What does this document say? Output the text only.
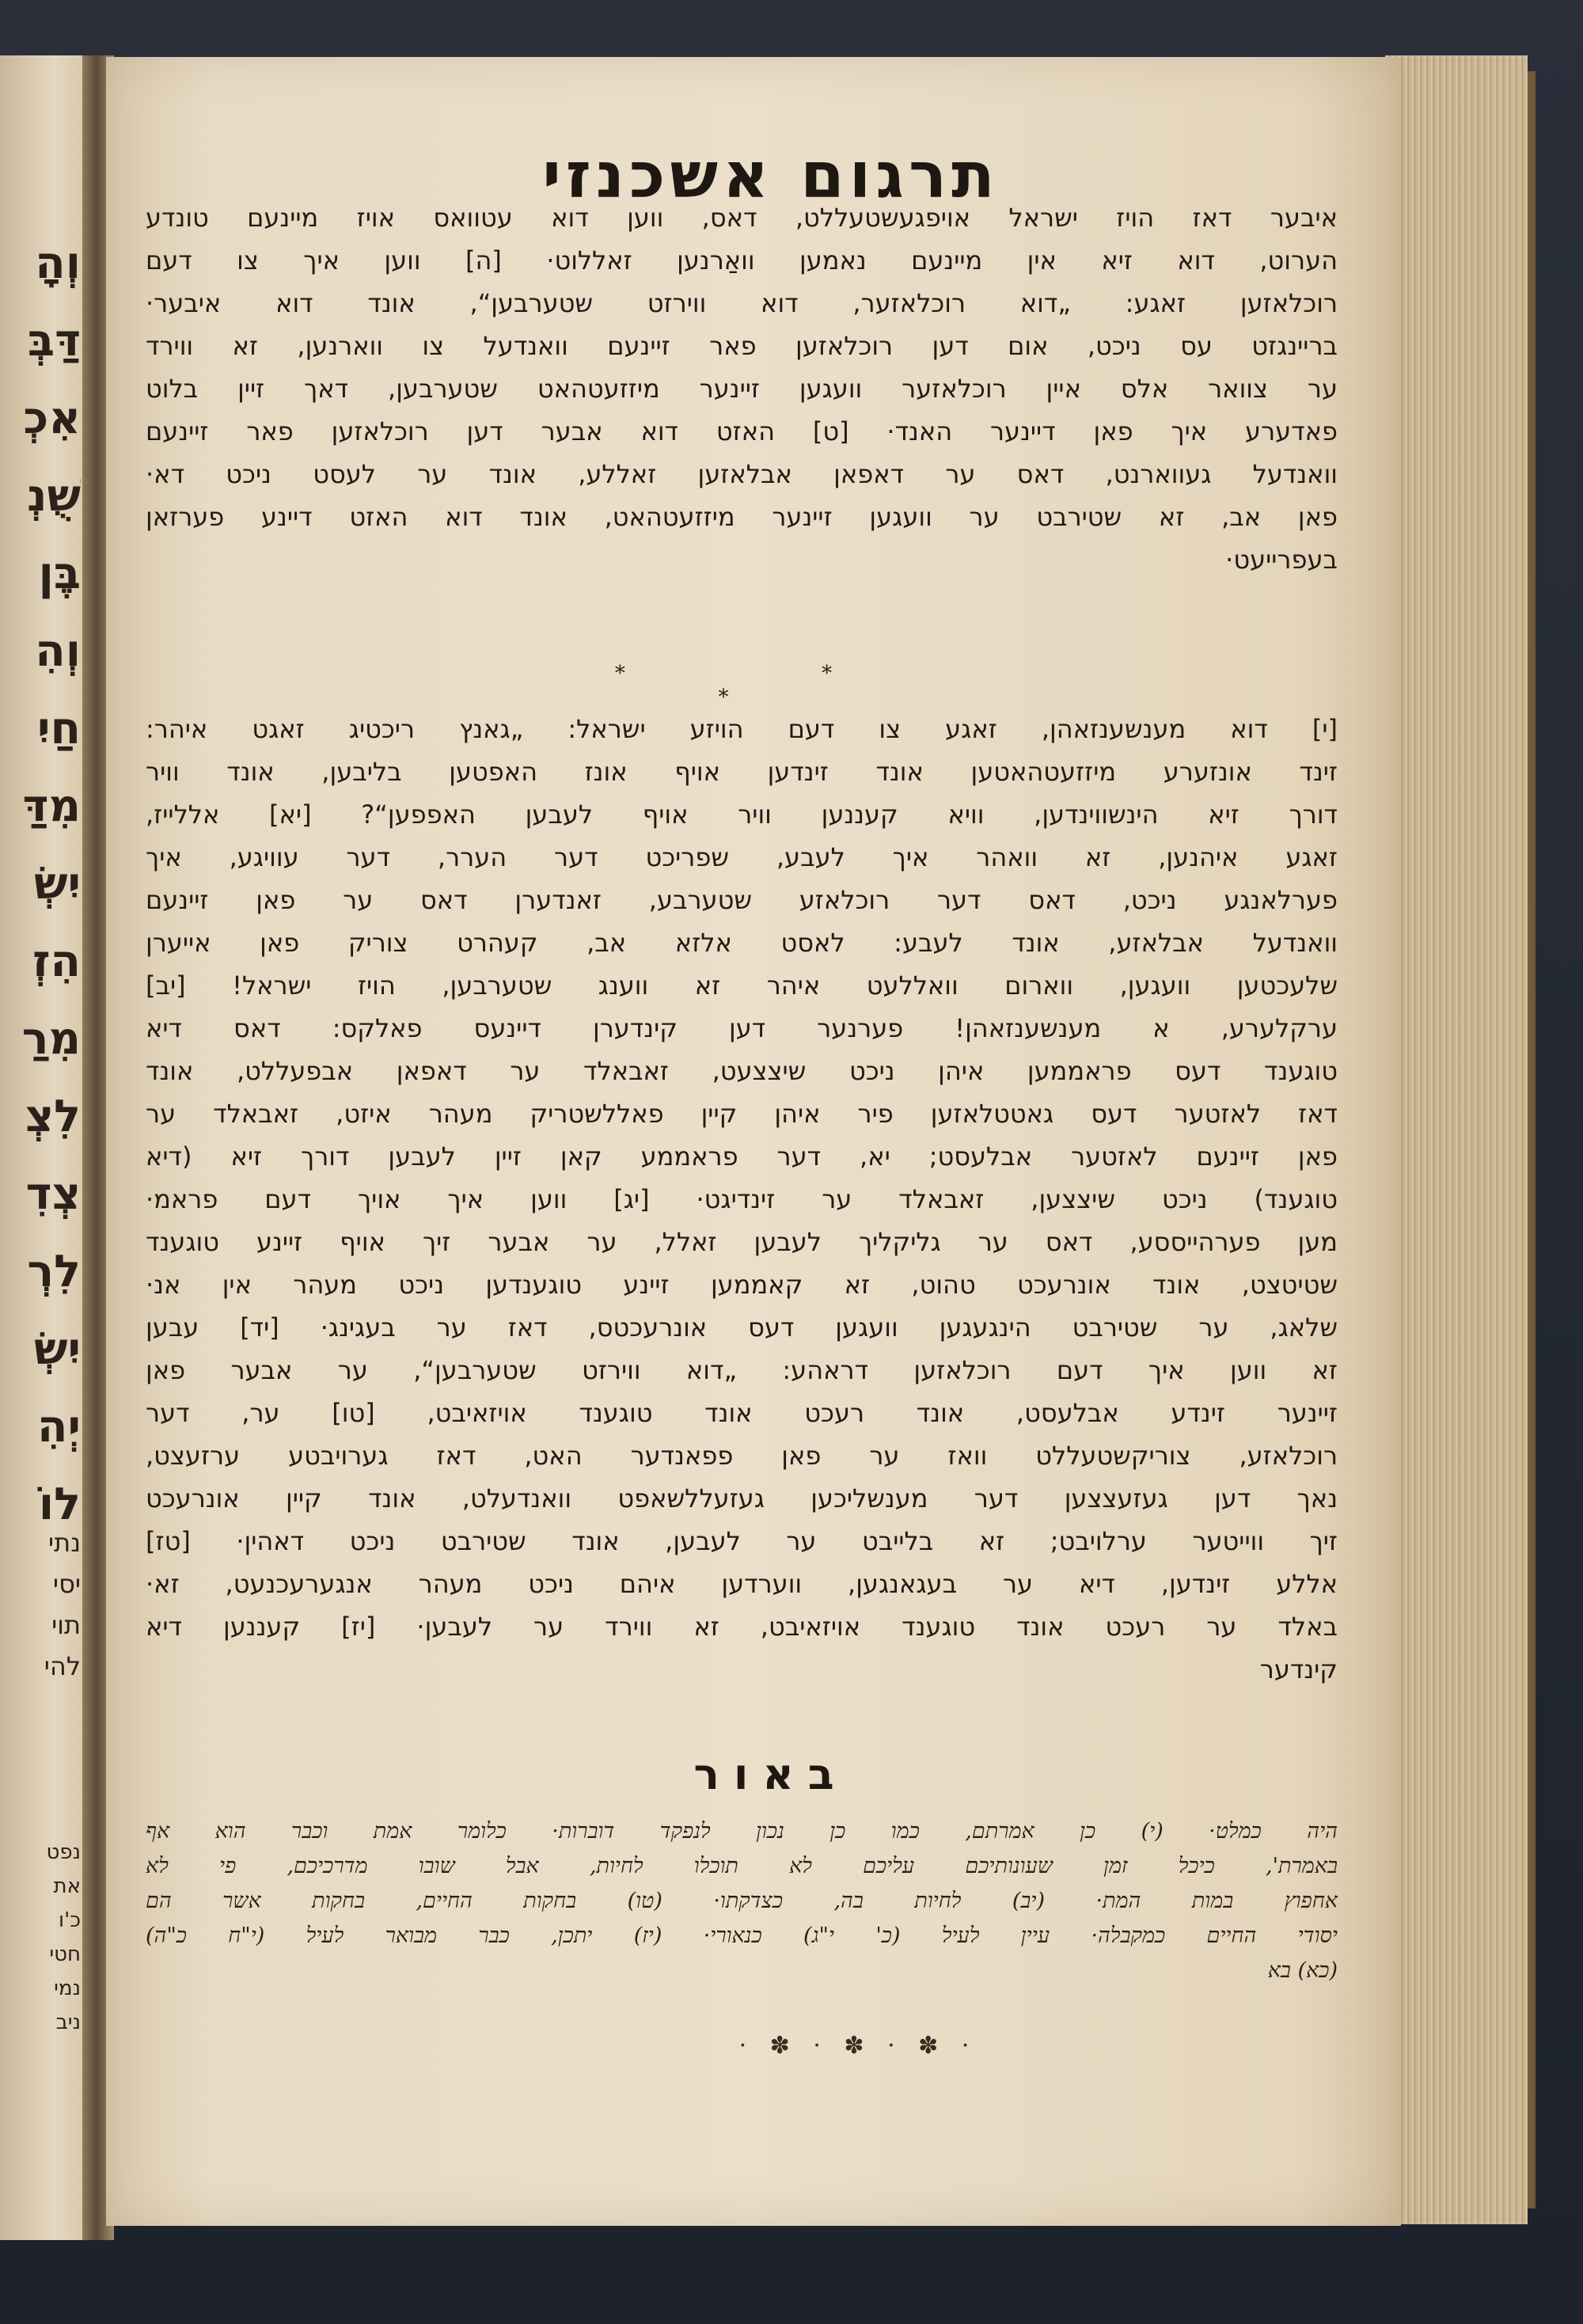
וְהָ
דַּבְּ
אִכְ
שֻׁנְ
בֶּן
וְהִ
חַיִ
מִדַּ
יִשְׂ
הִזְ
מִרַ
לִצְ
צְדִ
לִרְ
יִשְׂ
יְהִ
לוֹ
נתי
יסי
תוי
להי
נפט
את
כ'ו
חטי
נמי
ניב
תרגום אשכנזי
איבער דאז הויז ישראל אויפגעשטעללט, דאס, ווען דוא עטוואס אויז מיינעם טונדע
הערוט, דוא זיא אין מיינעם נאמען וואַרנען זאללוט· [ה] ווען איך צו דעם
רוכלאזען זאגע: „דוא רוכלאזער, דוא ווירזט שטערבען“, אונד דוא איבער·
בריינגזט עס ניכט, אום דען רוכלאזען פאר זיינעם וואנדעל צו ווארנען, זא ווירד
ער צוואר אלס איין רוכלאזער וועגען זיינער מיזזעטהאט שטערבען, דאך זיין בלוט
פאדערע איך פאן דיינער האנד· [ט] האזט דוא אבער דען רוכלאזען פאר זיינעם
וואנדעל געווארנט, דאס ער דאפאן אבלאזען זאללע, אונד ער לעסט ניכט דא·
פאן אב, זא שטירבט ער וועגען זיינער מיזזעטהאט, אונד דוא האזט דיינע פערזאן
בעפרייעט·
* * *
[י] דוא מענשענזאהן, זאגע צו דעם הויזע ישראל: „גאנץ ריכטיג זאגט איהר:
זינד אונזערע מיזזעטהאטען אונד זינדען אויף אונז האפטען בליבען, אונד וויר
דורך זיא הינשווינדען, וויא קעננען וויר אויף לעבען האפפען“? [יא] אללייז,
זאגע איהנען, זא וואהר איך לעבע, שפריכט דער הערר, דער עוויגע, איך
פערלאנגע ניכט, דאס דער רוכלאזע שטערבע, זאנדערן דאס ער פאן זיינעם
וואנדעל אבלאזע, אונד לעבע: לאסט אלזא אב, קעהרט צוריק פאן אייערן
שלעכטען וועגען, ווארום וואללעט איהר זא ווענג שטערבען, הויז ישראל! [יב]
ערקלערע, א מענשענזאהן! פערנער דען קינדערן דיינעס פאלקס: דאס דיא
טוגענד דעס פראממען איהן ניכט שיצצעט, זאבאלד ער דאפאן אבפעללט, אונד
דאז לאזטער דעס גאטטלאזען פיר איהן קיין פאללשטריק מעהר איזט, זאבאלד ער
פאן זיינעם לאזטער אבלעסט; יא, דער פראממע קאן זיין לעבען דורך זיא (דיא
טוגענד) ניכט שיצצען, זאבאלד ער זינדיגט· [יג] ווען איך אויך דעם פראמ·
מען פערהייססע, דאס ער גליקליך לעבען זאלל, ער אבער זיך אויף זיינע טוגענד
שטיטצט, אונד אונרעכט טהוט, זא קאממען זיינע טוגענדען ניכט מעהר אין אנ·
שלאג, ער שטירבט הינגעגען וועגען דעס אונרעכטס, דאז ער בעגינג· [יד] עבען
זא ווען איך דעם רוכלאזען דראהע: „דוא ווירזט שטערבען“, ער אבער פאן
זיינער זינדע אבלעסט, אונד רעכט אונד טוגענד אויזאיבט, [טו] ער, דער
רוכלאזע, צוריקשטעללט וואז ער פאן פפאנדער האט, דאז גערויבטע ערזעצט,
נאך דען געזעצצען דער מענשליכען געזעללשאפט וואנדעלט, אונד קיין אונרעכט
זיך ווייטער ערלויבט; זא בלייבט ער לעבען, אונד שטירבט ניכט דאהין· [טז]
אללע זינדען, דיא ער בעגאנגען, ווערדען איהם ניכט מעהר אנגערעכנעט, זא·
באלד ער רעכט אונד טוגענד אויזאיבט, זא ווירד ער לעבען· [יז] קעננען דיא
קינדער
באור
היה כמלט· (י) כן אמרתם, כמו כן נכון לנפקד דוברות· כלומר אמת וכבר הוא אף
באמרת', כיכל זמן שעונותיכם עליכם לא תוכלו לחיות, אבל שובו מדרכיכם, פי לא
אחפוץ במות המת· (יב) לחיות בה, כצדקתו· (טו) בחקות החיים, בחקות אשר הם
יסודי החיים כמקבלה· עיין לעיל (כ' י"ג) כנאורי· (יז) יתכן, כבר מבואר לעיל (י"ח כ"ה)
(כא) בא
· ✽ · ✽ · ✽ ·
